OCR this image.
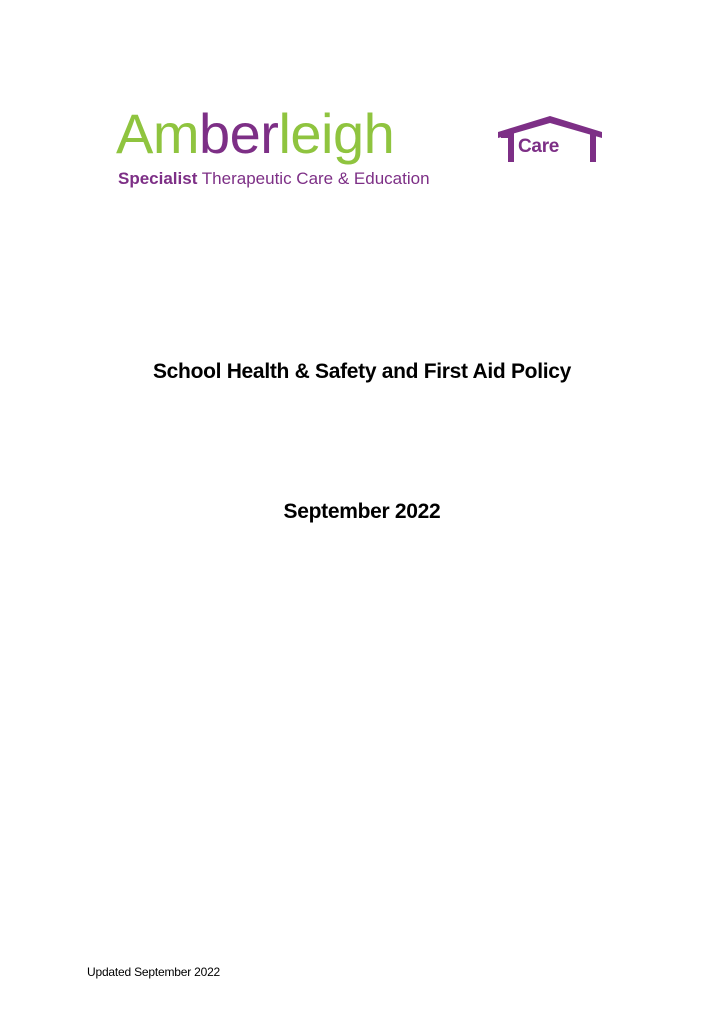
Amberleigh	Care
Specialist Therapeutic Care & Education
School Health & Safety and First Aid Policy
September 2022
Updated September 2022
